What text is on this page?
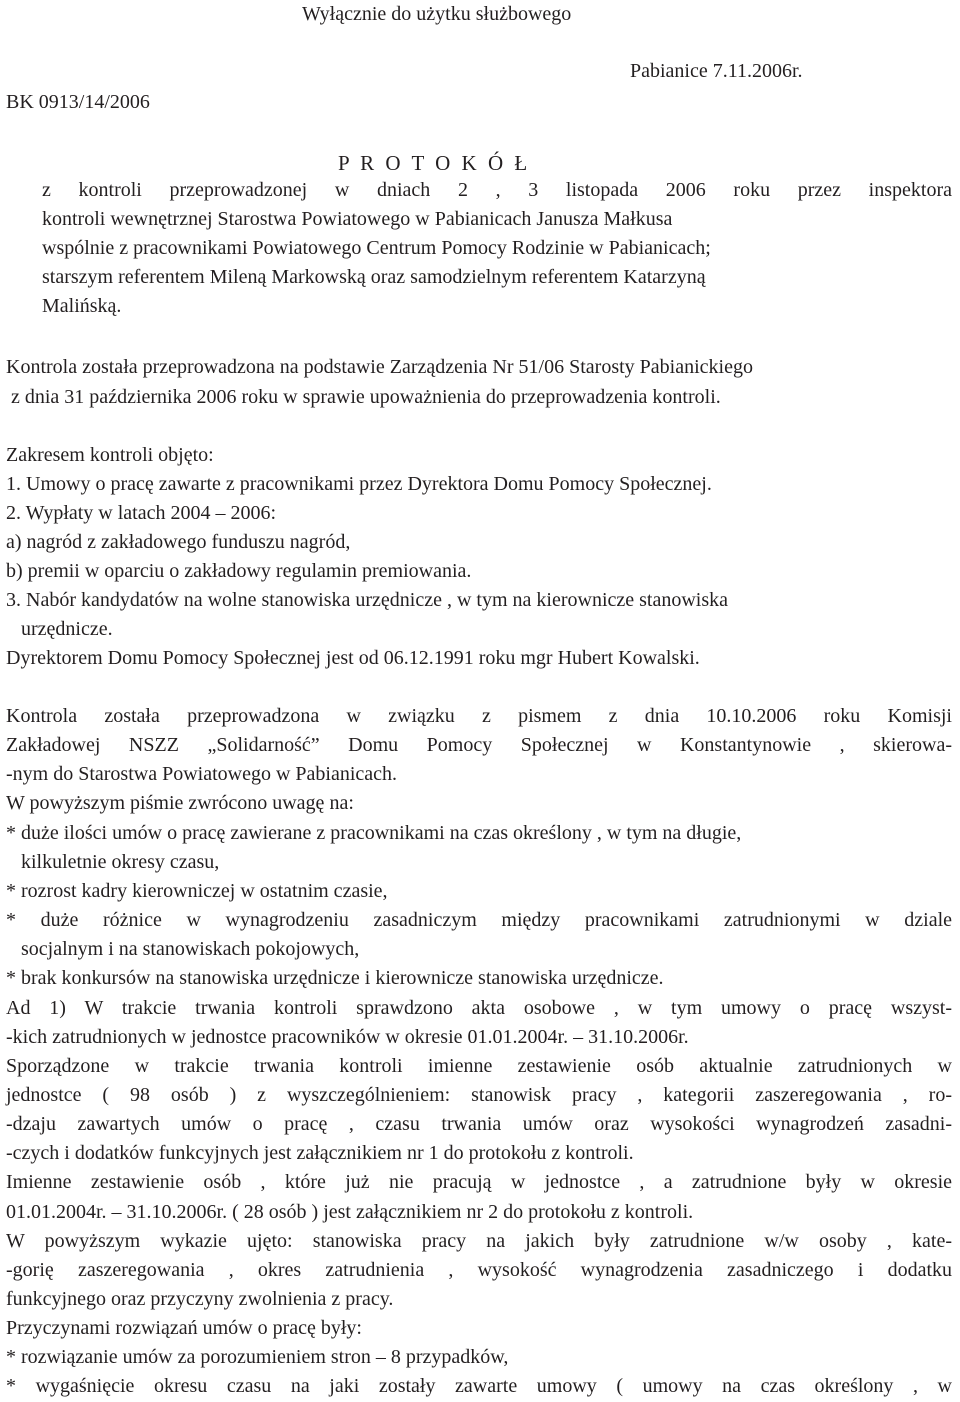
Wyłącznie do użytku służbowego
Pabianice 7.11.2006r.
BK 0913/14/2006
P R O T O K Ó Ł
z kontroli przeprowadzonej w dniach 2 , 3 listopada 2006 roku przez inspektora
kontroli wewnętrznej Starostwa Powiatowego w Pabianicach Janusza Małkusa
wspólnie z pracownikami Powiatowego Centrum Pomocy Rodzinie w Pabianicach;
starszym referentem Mileną Markowską oraz samodzielnym referentem Katarzyną
Malińską.
Kontrola została przeprowadzona na podstawie Zarządzenia Nr 51/06 Starosty Pabianickiego
z dnia 31 października 2006 roku w sprawie upoważnienia do przeprowadzenia kontroli.
Zakresem kontroli objęto:
1. Umowy o pracę zawarte z pracownikami przez Dyrektora Domu Pomocy Społecznej.
2. Wypłaty w latach 2004 – 2006:
a) nagród z zakładowego funduszu nagród,
b) premii w oparciu o zakładowy regulamin premiowania.
3. Nabór kandydatów na wolne stanowiska urzędnicze , w tym na kierownicze stanowiska
urzędnicze.
Dyrektorem Domu Pomocy Społecznej jest od 06.12.1991 roku mgr Hubert Kowalski.
Kontrola została przeprowadzona w związku z pismem z dnia 10.10.2006 roku Komisji
Zakładowej NSZZ „Solidarność” Domu Pomocy Społecznej w Konstantynowie , skierowa-
-nym do Starostwa Powiatowego w Pabianicach.
W powyższym piśmie zwrócono uwagę na:
* duże ilości umów o pracę zawierane z pracownikami na czas określony , w tym na długie,
kilkuletnie okresy czasu,
* rozrost kadry kierowniczej w ostatnim czasie,
* duże różnice w wynagrodzeniu zasadniczym między pracownikami zatrudnionymi w dziale
socjalnym i na stanowiskach pokojowych,
* brak konkursów na stanowiska urzędnicze i kierownicze stanowiska urzędnicze.
Ad 1) W trakcie trwania kontroli sprawdzono akta osobowe , w tym umowy o pracę wszyst-
-kich zatrudnionych w jednostce pracowników w okresie 01.01.2004r. – 31.10.2006r.
Sporządzone w trakcie trwania kontroli imienne zestawienie osób aktualnie zatrudnionych w
jednostce ( 98 osób ) z wyszczególnieniem: stanowisk pracy , kategorii zaszeregowania , ro-
-dzaju zawartych umów o pracę , czasu trwania umów oraz wysokości wynagrodzeń zasadni-
-czych i dodatków funkcyjnych jest załącznikiem nr 1 do protokołu z kontroli.
Imienne zestawienie osób , które już nie pracują w jednostce , a zatrudnione były w okresie
01.01.2004r. – 31.10.2006r. ( 28 osób ) jest załącznikiem nr 2 do protokołu z kontroli.
W powyższym wykazie ujęto: stanowiska pracy na jakich były zatrudnione w/w osoby , kate-
-gorię zaszeregowania , okres zatrudnienia , wysokość wynagrodzenia zasadniczego i dodatku
funkcyjnego oraz przyczyny zwolnienia z pracy.
Przyczynami rozwiązań umów o pracę były:
* rozwiązanie umów za porozumieniem stron – 8 przypadków,
* wygaśnięcie okresu czasu na jaki zostały zawarte umowy ( umowy na czas określony , w
